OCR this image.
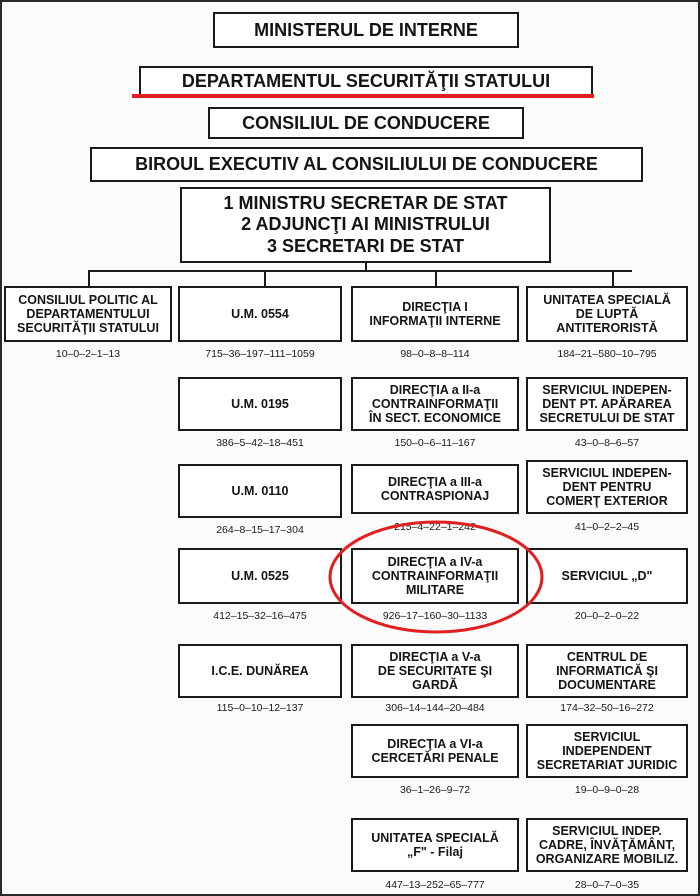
MINISTERUL DE INTERNE
DEPARTAMENTUL SECURITĂŢII STATULUI
CONSILIUL DE CONDUCERE
BIROUL EXECUTIV AL CONSILIULUI DE CONDUCERE
1 MINISTRU SECRETAR DE STAT
2 ADJUNCŢI AI MINISTRULUI
3 SECRETARI DE STAT
CONSILIUL POLITIC AL
DEPARTAMENTULUI
SECURITĂŢII STATULUI
10–0–2–1–13
U.M. 0554
715–36–197–111–1059
U.M. 0195
386–5–42–18–451
U.M. 0110
264–8–15–17–304
U.M. 0525
412–15–32–16–475
I.C.E. DUNĂREA
115–0–10–12–137
DIRECŢIA I
INFORMAŢII INTERNE
98–0–8–8–114
DIRECŢIA a II-a
CONTRAINFORMAŢII
ÎN SECT. ECONOMICE
150–0–6–11–167
DIRECŢIA a III-a
CONTRASPIONAJ
215–4–22–1–242
DIRECŢIA a IV-a
CONTRAINFORMAŢII
MILITARE
926–17–160–30–1133
DIRECŢIA a V-a
DE SECURITATE ŞI
GARDĂ
306–14–144–20–484
DIRECŢIA a VI-a
CERCETĂRI PENALE
36–1–26–9–72
UNITATEA SPECIALĂ
„F" - Filaj
447–13–252–65–777
UNITATEA SPECIALĂ
DE LUPTĂ
ANTITERORISTĂ
184–21–580–10–795
SERVICIUL INDEPEN-
DENT PT. APĂRAREA
SECRETULUI DE STAT
43–0–8–6–57
SERVICIUL INDEPEN-
DENT PENTRU
COMERŢ EXTERIOR
41–0–2–2–45
SERVICIUL „D"
20–0–2–0–22
CENTRUL DE
INFORMATICĂ ŞI
DOCUMENTARE
174–32–50–16–272
SERVICIUL
INDEPENDENT
SECRETARIAT JURIDIC
19–0–9–0–28
SERVICIUL INDEP.
CADRE, ÎNVĂŢĂMÂNT,
ORGANIZARE MOBILIZ.
28–0–7–0–35
